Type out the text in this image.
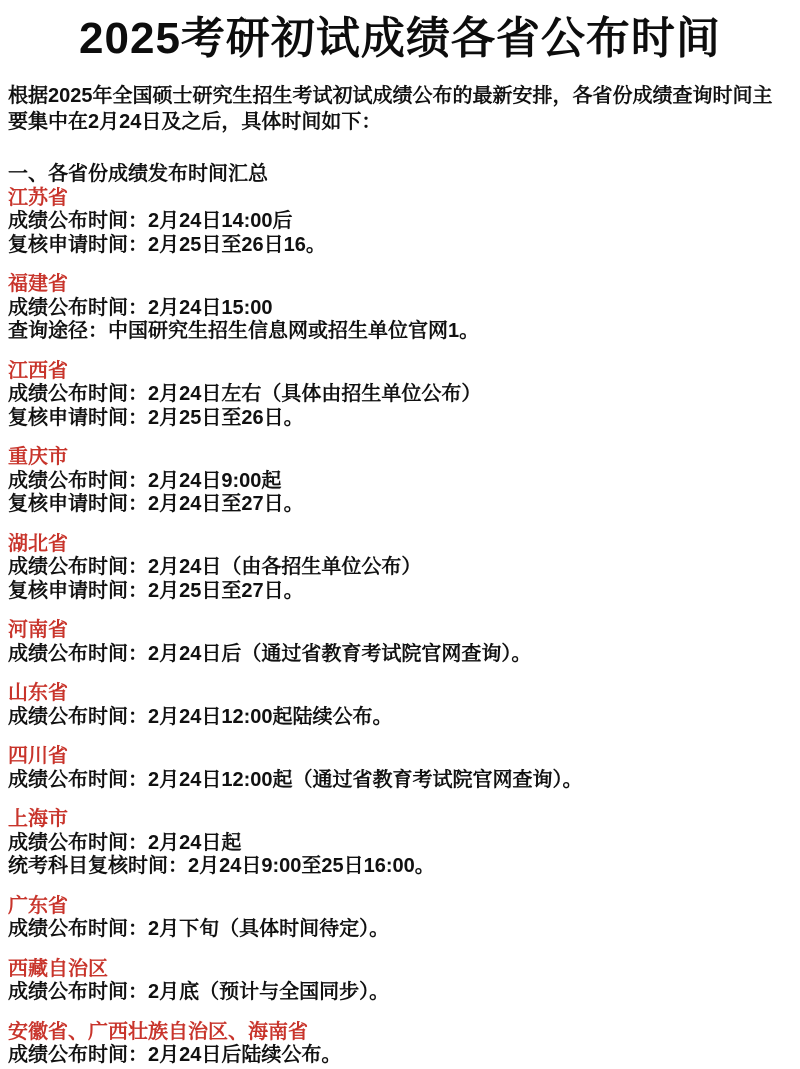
2025考研初试成绩各省公布时间

根据2025年全国硕士研究生招生考试初试成绩公布的最新安排，各省份成绩查询时间主要集中在2月24日及之后，具体时间如下：

一、各省份成绩发布时间汇总
江苏省
成绩公布时间：2月24日14:00后
复核申请时间：2月25日至26日16。
福建省
成绩公布时间：2月24日15:00
查询途径：中国研究生招生信息网或招生单位官网1。
江西省
成绩公布时间：2月24日左右（具体由招生单位公布）
复核申请时间：2月25日至26日。
重庆市
成绩公布时间：2月24日9:00起
复核申请时间：2月24日至27日。
湖北省
成绩公布时间：2月24日（由各招生单位公布）
复核申请时间：2月25日至27日。
河南省
成绩公布时间：2月24日后（通过省教育考试院官网查询）。
山东省
成绩公布时间：2月24日12:00起陆续公布。
四川省
成绩公布时间：2月24日12:00起（通过省教育考试院官网查询）。
上海市
成绩公布时间：2月24日起
统考科目复核时间：2月24日9:00至25日16:00。
广东省
成绩公布时间：2月下旬（具体时间待定）。
西藏自治区
成绩公布时间：2月底（预计与全国同步）。
安徽省、广西壮族自治区、海南省
成绩公布时间：2月24日后陆续公布。
